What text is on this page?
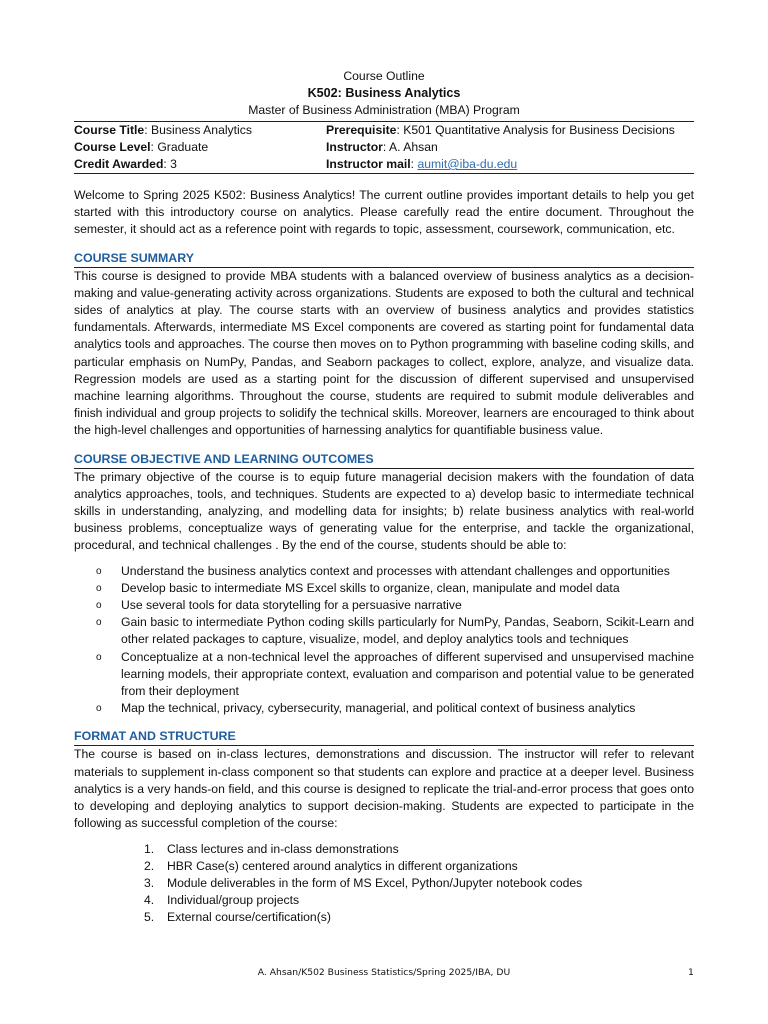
Course Outline
K502: Business Analytics
Master of Business Administration (MBA) Program
Course Title: Business Analytics	Prerequisite: K501 Quantitative Analysis for Business Decisions
Course Level: Graduate	Instructor: A. Ahsan
Credit Awarded: 3	Instructor mail: aumit@iba-du.edu

Welcome to Spring 2025 K502: Business Analytics! The current outline provides important details to help you get started with this introductory course on analytics. Please carefully read the entire document. Throughout the semester, it should act as a reference point with regards to topic, assessment, coursework, communication, etc.

COURSE SUMMARY

This course is designed to provide MBA students with a balanced overview of business analytics as a decision-making and value-generating activity across organizations. Students are exposed to both the cultural and technical sides of analytics at play. The course starts with an overview of business analytics and provides statistics fundamentals. Afterwards, intermediate MS Excel components are covered as starting point for fundamental data analytics tools and approaches. The course then moves on to Python programming with baseline coding skills, and particular emphasis on NumPy, Pandas, and Seaborn packages to collect, explore, analyze, and visualize data. Regression models are used as a starting point for the discussion of different supervised and unsupervised machine learning algorithms. Throughout the course, students are required to submit module deliverables and finish individual and group projects to solidify the technical skills. Moreover, learners are encouraged to think about the high-level challenges and opportunities of harnessing analytics for quantifiable business value.

COURSE OBJECTIVE AND LEARNING OUTCOMES

The primary objective of the course is to equip future managerial decision makers with the foundation of data analytics approaches, tools, and techniques. Students are expected to a) develop basic to intermediate technical skills in understanding, analyzing, and modelling data for insights; b) relate business analytics with real-world business problems, conceptualize ways of generating value for the enterprise, and tackle the organizational, procedural, and technical challenges . By the end of the course, students should be able to:

o Understand the business analytics context and processes with attendant challenges and opportunities
o Develop basic to intermediate MS Excel skills to organize, clean, manipulate and model data
o Use several tools for data storytelling for a persuasive narrative
o Gain basic to intermediate Python coding skills particularly for NumPy, Pandas, Seaborn, Scikit-Learn and other related packages to capture, visualize, model, and deploy analytics tools and techniques
o Conceptualize at a non-technical level the approaches of different supervised and unsupervised machine learning models, their appropriate context, evaluation and comparison and potential value to be generated from their deployment
o Map the technical, privacy, cybersecurity, managerial, and political context of business analytics
FORMAT AND STRUCTURE

The course is based on in-class lectures, demonstrations and discussion. The instructor will refer to relevant materials to supplement in-class component so that students can explore and practice at a deeper level. Business analytics is a very hands-on field, and this course is designed to replicate the trial-and-error process that goes onto to developing and deploying analytics to support decision-making. Students are expected to participate in the following as successful completion of the course:

1. Class lectures and in-class demonstrations
2. HBR Case(s) centered around analytics in different organizations
3. Module deliverables in the form of MS Excel, Python/Jupyter notebook codes
4. Individual/group projects
5. External course/certification(s)
A. Ahsan/K502 Business Statistics/Spring 2025/IBA, DU	1
